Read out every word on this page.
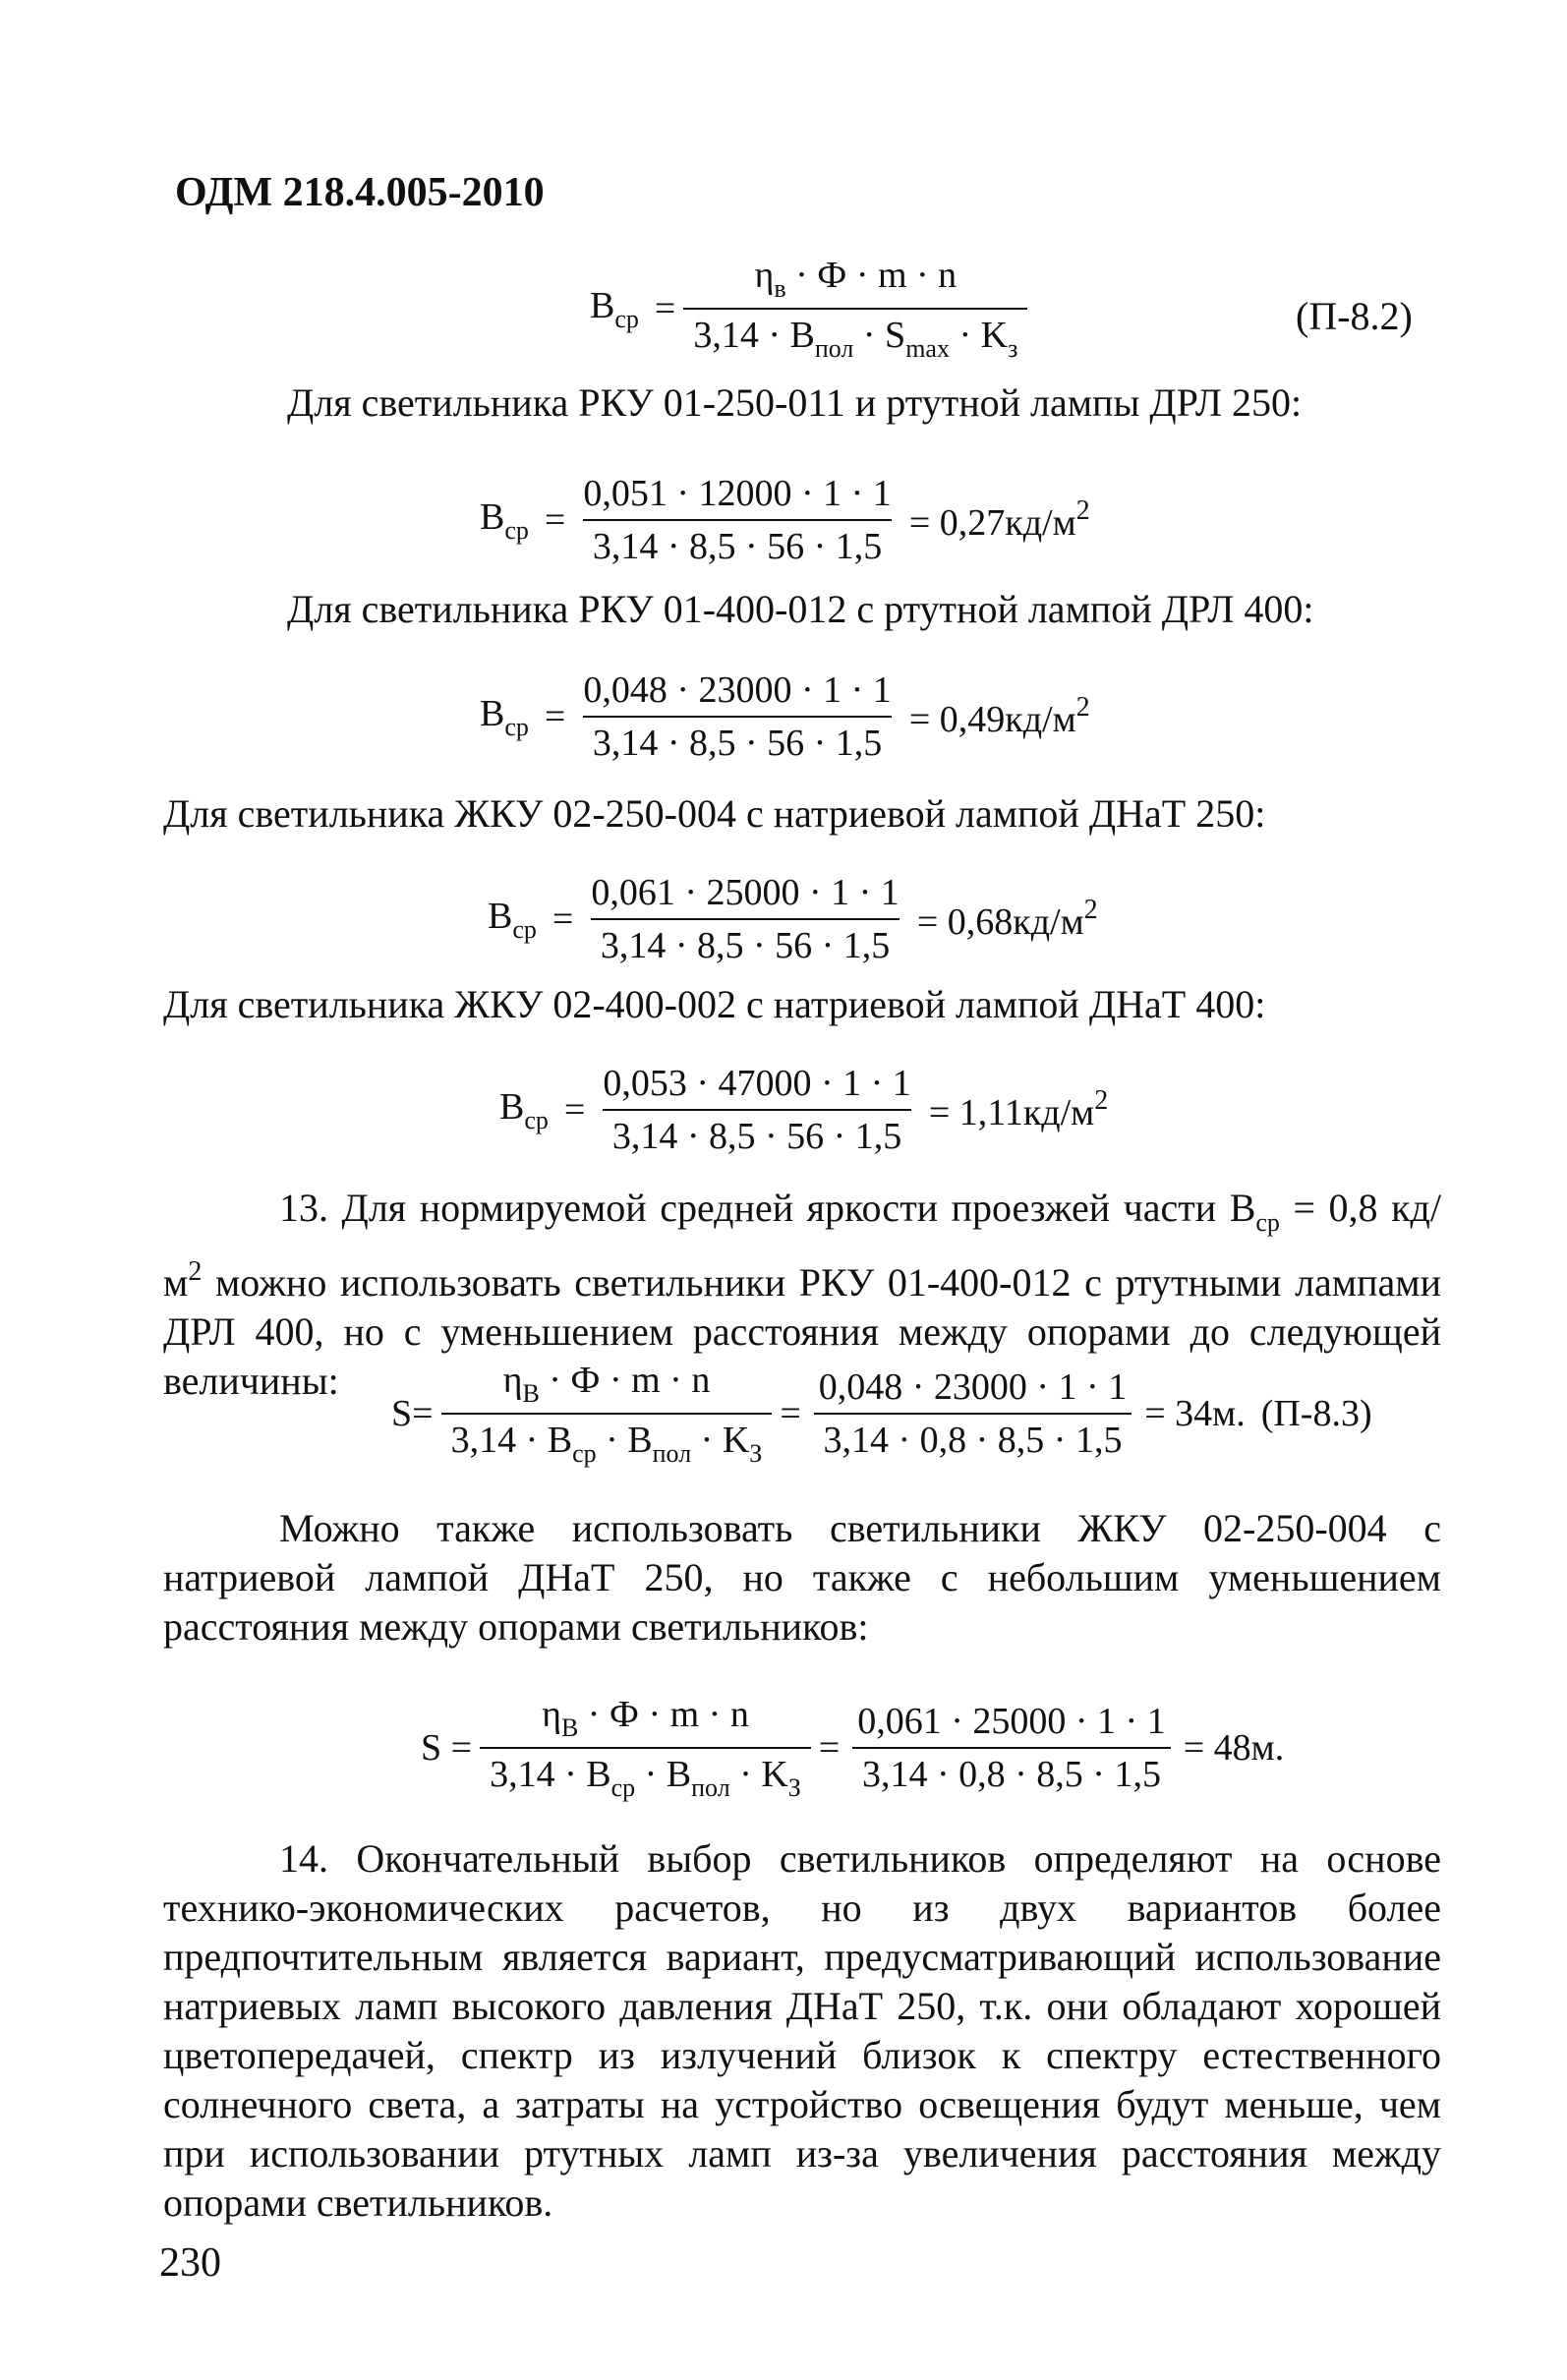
ОДМ 218.4.005-2010
$В_{ср} = \frac{\eta_в \cdot Ф \cdot m \cdot n}{3,14 \cdot В_{пол} \cdot S_{max} \cdot K_з}$	(П-8.2)
Для светильника РКУ 01-250-011 и ртутной лампы ДРЛ 250:
$В_{ср} = \frac{0,051 \cdot 12000 \cdot 1 \cdot 1}{3,14 \cdot 8,5 \cdot 56 \cdot 1,5} = 0,27кд/м^2$
Для светильника РКУ 01-400-012 с ртутной лампой ДРЛ 400:
$В_{ср} = \frac{0,048 \cdot 23000 \cdot 1 \cdot 1}{3,14 \cdot 8,5 \cdot 56 \cdot 1,5} = 0,49кд/м^2$
Для светильника ЖКУ 02-250-004 с натриевой лампой ДНаТ 250:
$В_{ср} = \frac{0,061 \cdot 25000 \cdot 1 \cdot 1}{3,14 \cdot 8,5 \cdot 56 \cdot 1,5} = 0,68кд/м^2$
Для светильника ЖКУ 02-400-002 с натриевой лампой ДНаТ 400:
$В_{ср} = \frac{0,053 \cdot 47000 \cdot 1 \cdot 1}{3,14 \cdot 8,5 \cdot 56 \cdot 1,5} = 1,11кд/м^2$
13. Для нормируемой средней яркости проезжей части $В_{ср} = 0,8$ $кд/м^2$ можно использовать светильники РКУ 01-400-012 с ртутными лампами ДРЛ 400, но с уменьшением расстояния между опорами до следующей величины:
$S= \frac{\eta_В \cdot Ф \cdot m \cdot n}{3,14 \cdot В_{ср} \cdot В_{пол} \cdot K_З} = \frac{0,048 \cdot 23000 \cdot 1 \cdot 1}{3,14 \cdot 0,8 \cdot 8,5 \cdot 1,5} = 34м$. (П-8.3)
Можно также использовать светильники ЖКУ 02-250-004 с натриевой лампой ДНаТ 250, но также с небольшим уменьшением расстояния между опорами светильников:
$S = \frac{\eta_В \cdot Ф \cdot m \cdot n}{3,14 \cdot В_{ср} \cdot В_{пол} \cdot K_З} = \frac{0,061 \cdot 25000 \cdot 1 \cdot 1}{3,14 \cdot 0,8 \cdot 8,5 \cdot 1,5} = 48м$.
14. Окончательный выбор светильников определяют на основе технико-экономических расчетов, но из двух вариантов более предпочтительным является вариант, предусматривающий использование натриевых ламп высокого давления ДНаТ 250, т.к. они обладают хорошей цветопередачей, спектр из излучений близок к спектру естественного солнечного света, а затраты на устройство освещения будут меньше, чем при использовании ртутных ламп из-за увеличения расстояния между опорами светильников.
230
